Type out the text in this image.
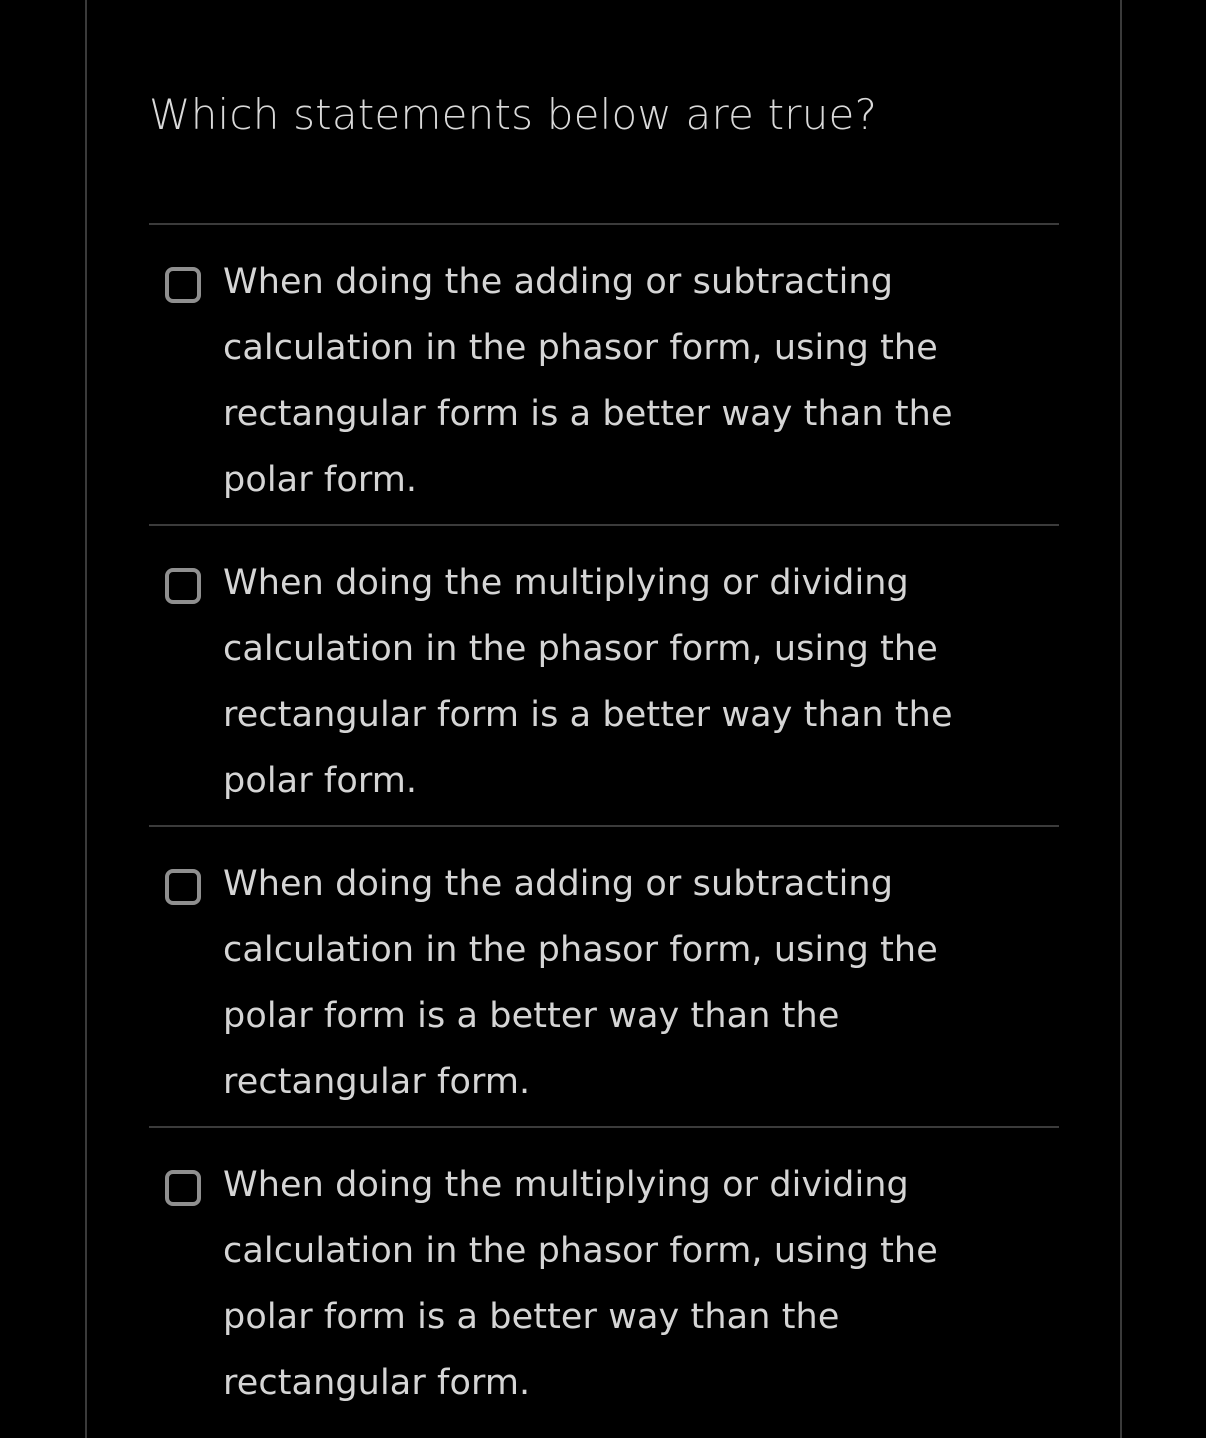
Which statements below are true?
When doing the adding or subtracting calculation in the phasor form, using the rectangular form is a better way than the polar form.
When doing the multiplying or dividing calculation in the phasor form, using the rectangular form is a better way than the polar form.
When doing the adding or subtracting calculation in the phasor form, using the polar form is a better way than the rectangular form.
When doing the multiplying or dividing calculation in the phasor form, using the polar form is a better way than the rectangular form.
